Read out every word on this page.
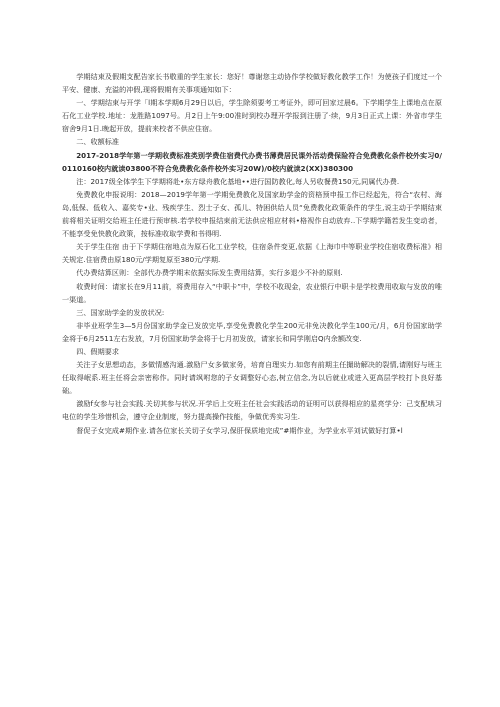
学期结束及假期支配告家长书敬重的学生家长：您好！尊谢您主动协作学校做好教化教学工作！为使孩子们度过一个平安、健康、充溢的冲假,现将假期有关事项通知如下：

一、学期结束与开学「l期本学期6月29日以后，学生除须要考工考证外，即可回家过晨6。下学期学生上课地点在原石化工业学校.地址：龙胜路1097号。月2日上午9:00准时到校办理开学报到注册了·续，9月3日正式上课：外省市学生宿舍9月1日.晚起开放，提前来校者不供应住宿。

二、收额标准

2017-2018学年第一学期收费标准类别学费住宿费代办费书薄费居民课外活动费保险符合免费教化条件校外实习0/0110160校内就读03800不符合免费教化条件校外实习20W)/0校内就读2(XX)380300

注：2017级全体学生下学期将赴•东方绿舟教化基地••进行国防教化,每人另收餐费150元,同属代办费.

免费教化申报说明：2018—2019学年第一学期免费教化及国家助学金的资格预申报工作已经起先，符合“农村、海岛,低保、低收入、嘉奖专•业、残疾学生、烈士子女、孤儿、特困供给人员“免费教化政策条件的学生,说主动于学期结束前将相关证明交给班主任进行预审核.若学校申报结束前无法供应相应材料•格视作自动放弃..下学期学籍若发生变动者，不能享受免快教化政策，按标准收取学费和书得明.

关于学生住宿 由于下学期住宿地点为原石化工业学校，住宿条件变更,依据《上海巾中等职业学校住宿收费标准》相关规定.住宿费由原180元/学期复原至380元/学期.

代办费结算区则：全部代办费学期末依据实际发生费用结算，实行多退少不补的原则.

收费时间：请家长在9月11前，将费用存入“中职卡”中，学校不收现金，农业银行中职卡是学校费用收取与发放的唯一渠道。

三、国家助学金的发放状况:

非毕业班学生3—5月份国家助学金已发放完毕,享受免费教化学生200元非免决教化学生100元/月，6月份国家助学金将于6月2511左右发放，7月份国家助学金将于七月初发放，请家长和同学刚启Q内余额改变.

四、假期要求

关注子女思想动态，多做情感沟通.激励尸女多做家务，培育自理实力.如您有前期主任撮助解决的裂情,请刚好与班主任取得岷系.班主任将会亲密称作。同时请飒咐您的子女调整好心态,树立信念,为以后就业或进入更高层学校打卜良好基础。

激励f女参与社会实践.关切其参与状况.开学后上交班主任社会实践活动的证明可以获得相应的星亮学分：己支配哄习电位的学生珍惜机会，遵守企业制度，努力提高操作技能，争做优秀实习生.

督促子女完成#期作业.请各位家长关切子女学习,保肝保质地完成”#期作业，为学业水平刘试做好打算•l
